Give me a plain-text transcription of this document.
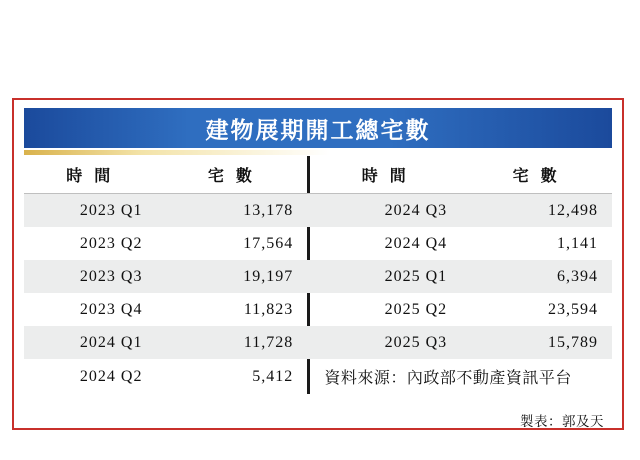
建物展期開工總宅數
時 間	宅 數		時 間	宅 數
2023 Q1	13,178		2024 Q3	12,498
2023 Q2	17,564		2024 Q4	1,141
2023 Q3	19,197		2025 Q1	6,394
2023 Q4	11,823		2025 Q2	23,594
2024 Q1	11,728		2025 Q3	15,789
2024 Q2	5,412		資料來源：內政部不動產資訊平台	
製表：郭及天
